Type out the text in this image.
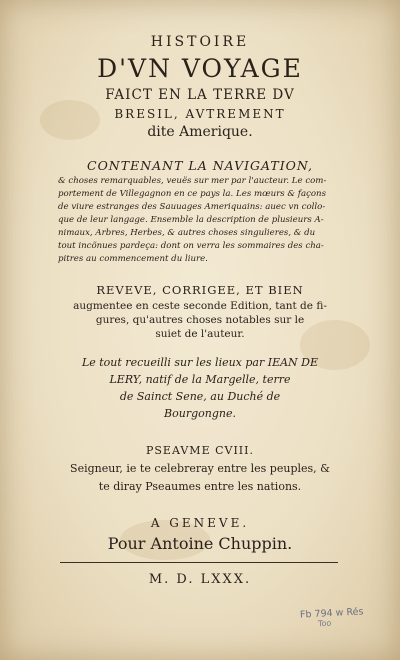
HISTOIRE
D'VN VOYAGE
FAICT EN LA TERRE DV
BRESIL, AVTREMENT
dite Amerique.
CONTENANT LA NAVIGATION,
& choses remarquables, veuës sur mer par l'aucteur. Le com-
portement de Villegagnon en ce pays la. Les mœurs & façons
de viure estranges des Sauuages Ameriquains: auec vn collo-
que de leur langage. Ensemble la description de plusieurs A-
nimaux, Arbres, Herbes, & autres choses singulieres, & du
tout incõnues pardeça: dont on verra les sommaires des cha-
pitres au commencement du liure.
REVEVE, CORRIGEE, ET BIEN
augmentee en ceste seconde Edition, tant de fi-
gures, qu'autres choses notables sur le
suiet de l'auteur.
Le tout recueilli sur les lieux par IEAN DE
LERY, natif de la Margelle, terre
de Sainct Sene, au Duché de
Bourgongne.
PSEAVME CVIII.
Seigneur, ie te celebreray entre les peuples, &
te diray Pseaumes entre les nations.
A GENEVE.
Pour Antoine Chuppin.
M. D. LXXX.
Fb 794 w Rés
Too
